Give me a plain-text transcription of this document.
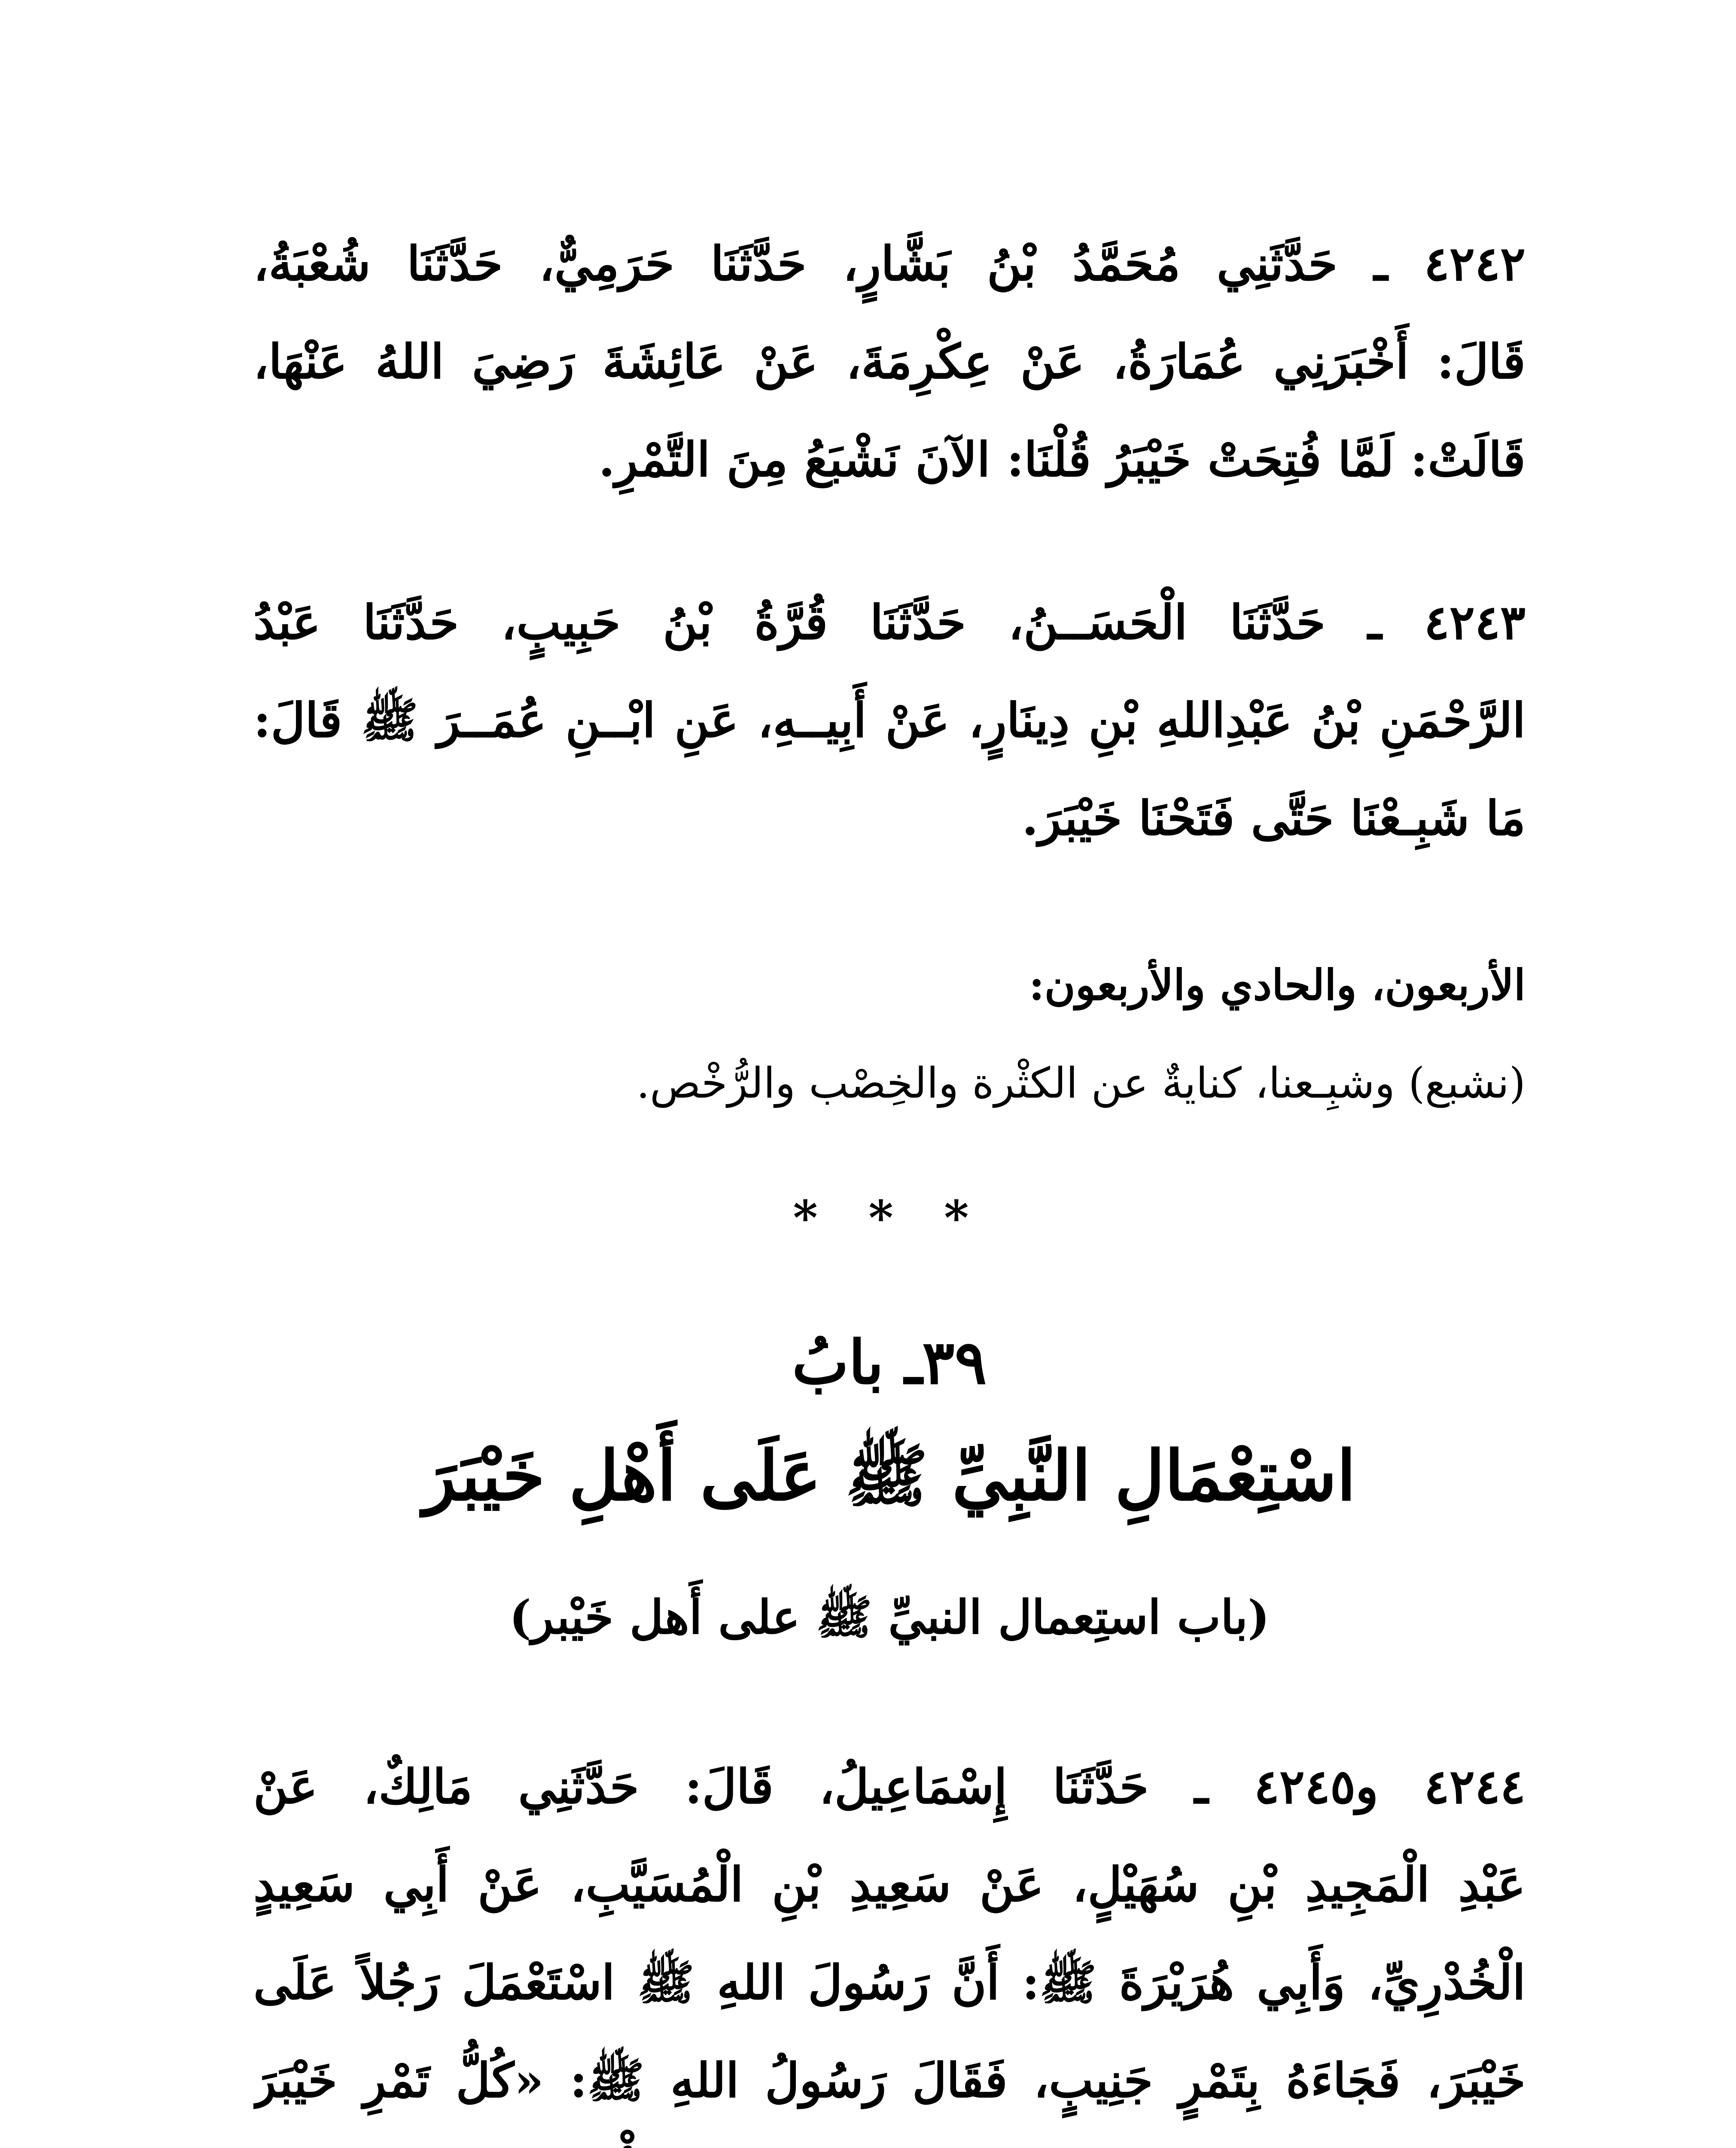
٤٢٤٢ ـ حَدَّثَنِي مُحَمَّدُ بْنُ بَشَّارٍ، حَدَّثَنَا حَرَمِيٌّ، حَدَّثَنَا شُعْبَةُ،
قَالَ: أَخْبَرَنِي عُمَارَةُ، عَنْ عِكْرِمَةَ، عَنْ عَائِشَةَ رَضِيَ اللهُ عَنْهَا،
قَالَتْ: لَمَّا فُتِحَتْ خَيْبَرُ قُلْنَا: الآنَ نَشْبَعُ مِنَ التَّمْرِ.
٤٢٤٣ ـ حَدَّثَنَا الْحَسَــنُ، حَدَّثَنَا قُرَّةُ بْنُ حَبِيبٍ، حَدَّثَنَا عَبْدُ
الرَّحْمَنِ بْنُ عَبْدِاللهِ بْنِ دِينَارٍ، عَنْ أَبِيــهِ، عَنِ ابْــنِ عُمَــرَ ﷺ قَالَ:
مَا شَبِـعْنَا حَتَّى فَتَحْنَا خَيْبَرَ.
الأربعون، والحادي والأربعون:
(نشبع) وشبِـعنا، كنايةٌ عن الكثْرة والخِصْب والرُّخْص.
* * *
٣٩ـ بابُ
اسْتِعْمَالِ النَّبِيِّ ﷺ عَلَى أَهْلِ خَيْبَرَ
(باب استِعمال النبيِّ ﷺ على أَهل خَيْبر)
٤٢٤٤ و٤٢٤٥ ـ حَدَّثَنَا إِسْمَاعِيلُ، قَالَ: حَدَّثَنِي مَالِكٌ، عَنْ
عَبْدِ الْمَجِيدِ بْنِ سُهَيْلٍ، عَنْ سَعِيدِ بْنِ الْمُسَيَّبِ، عَنْ أَبِي سَعِيدٍ
الْخُدْرِيِّ، وَأَبِي هُرَيْرَةَ ﷺ: أَنَّ رَسُولَ اللهِ ﷺ اسْتَعْمَلَ رَجُلاً عَلَى
خَيْبَرَ، فَجَاءَهُ بِتَمْرٍ جَنِيبٍ، فَقَالَ رَسُولُ اللهِ ﷺ: «كُلُّ تَمْرِ خَيْبَرَ
